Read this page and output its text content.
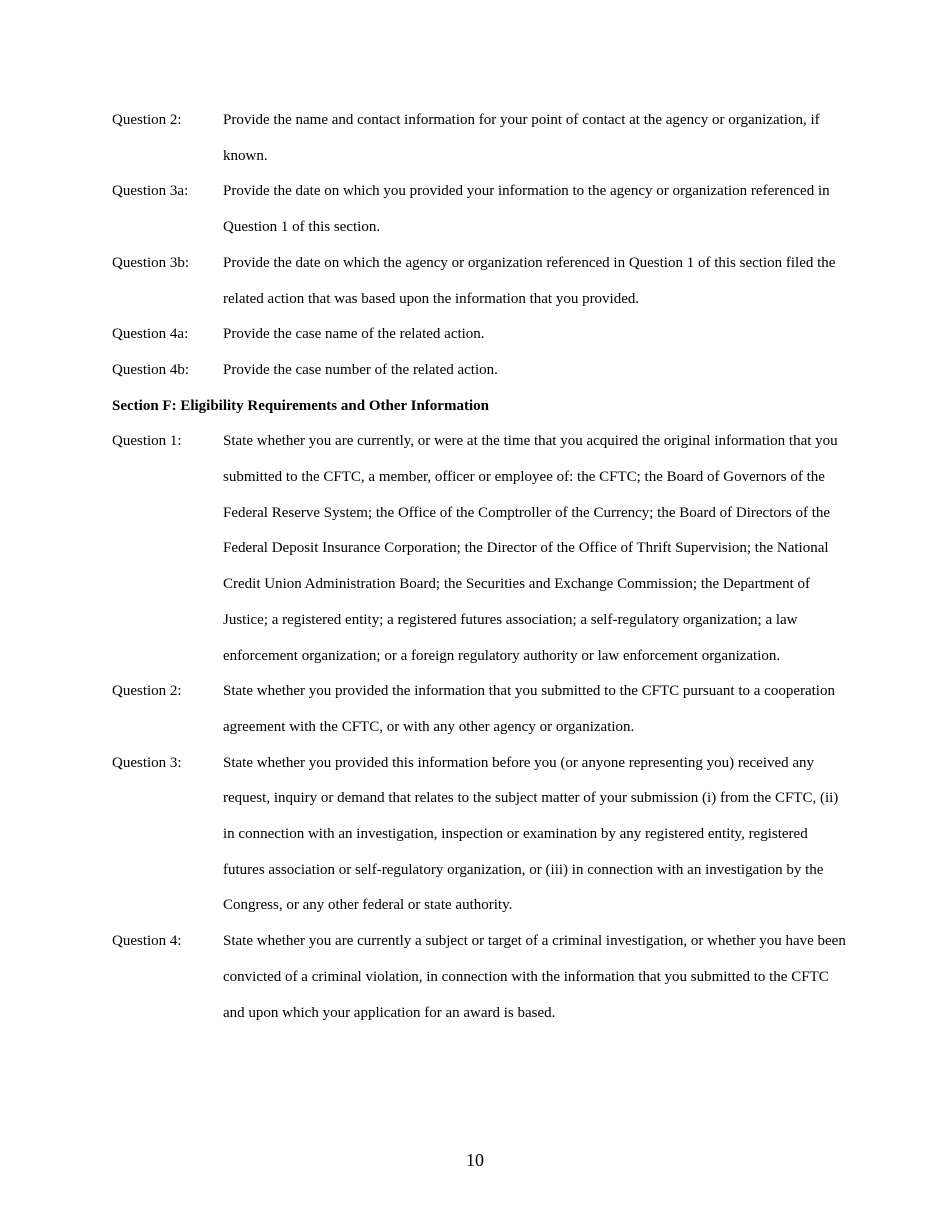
Question 2:	Provide the name and contact information for your point of contact at the agency or organization, if known.
Question 3a:	Provide the date on which you provided your information to the agency or organization referenced in Question 1 of this section.
Question 3b:	Provide the date on which the agency or organization referenced in Question 1 of this section filed the related action that was based upon the information that you provided.
Question 4a:	Provide the case name of the related action.
Question 4b:	Provide the case number of the related action.
Section F: Eligibility Requirements and Other Information
Question 1:	State whether you are currently, or were at the time that you acquired the original information that you submitted to the CFTC, a member, officer or employee of: the CFTC; the Board of Governors of the Federal Reserve System; the Office of the Comptroller of the Currency; the Board of Directors of the Federal Deposit Insurance Corporation; the Director of the Office of Thrift Supervision; the National Credit Union Administration Board; the Securities and Exchange Commission; the Department of Justice; a registered entity; a registered futures association; a self-regulatory organization; a law enforcement organization; or a foreign regulatory authority or law enforcement organization.
Question 2:	State whether you provided the information that you submitted to the CFTC pursuant to a cooperation agreement with the CFTC, or with any other agency or organization.
Question 3:	State whether you provided this information before you (or anyone representing you) received any request, inquiry or demand that relates to the subject matter of your submission (i) from the CFTC, (ii) in connection with an investigation, inspection or examination by any registered entity, registered futures association or self-regulatory organization, or (iii) in connection with an investigation by the Congress, or any other federal or state authority.
Question 4:	State whether you are currently a subject or target of a criminal investigation, or whether you have been convicted of a criminal violation, in connection with the information that you submitted to the CFTC and upon which your application for an award is based.
10
